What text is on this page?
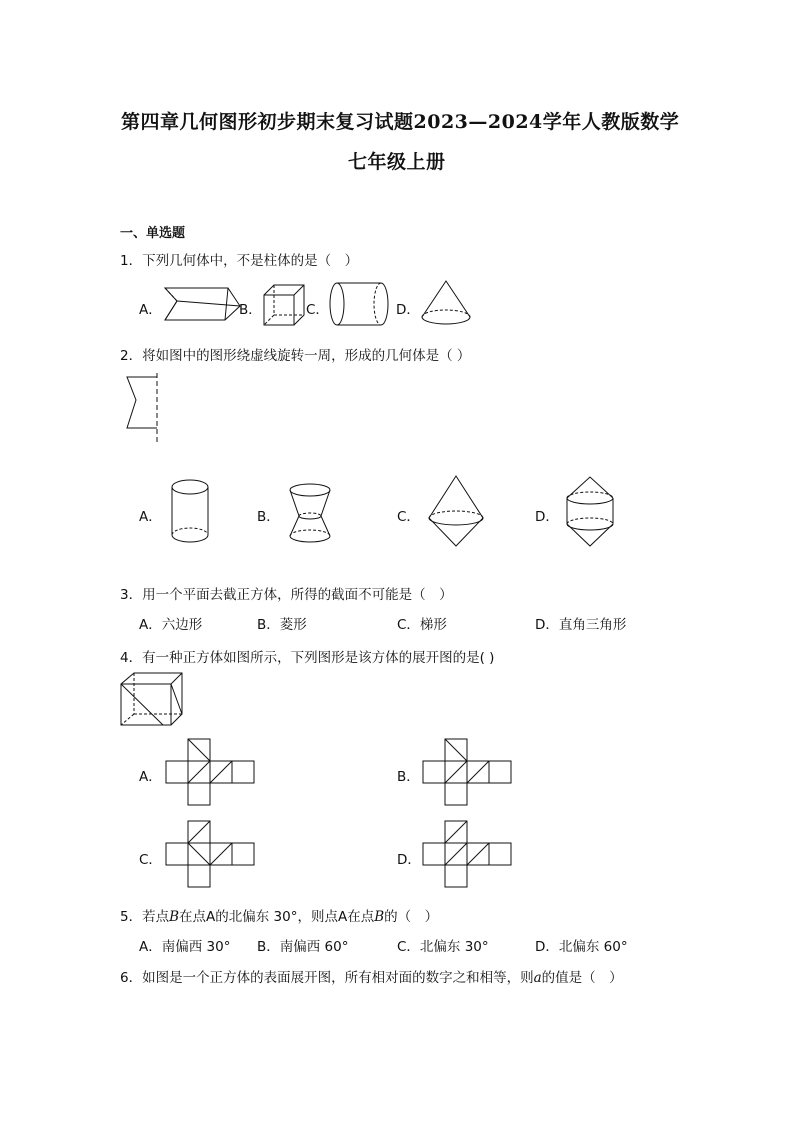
第四章几何图形初步期末复习试题2023—2024学年人教版数学
七年级上册
一、单选题
1．下列几何体中，不是柱体的是（　）
A．	B．	C．	D．
2．将如图中的图形绕虚线旋转一周，形成的几何体是（ ）
A．	B．	C．	D．
3．用一个平面去截正方体，所得的截面不可能是（　）
A．六边形	B．菱形	C．梯形	D．直角三角形
4．有一种正方体如图所示，下列图形是该方体的展开图的是( )
A．	B．
C．	D．
5．若点B在点A的北偏东 30°，则点A在点B的（　）
A．南偏西 30° B．南偏西 60°	C．北偏东 30°	D．北偏东 60°
6．如图是一个正方体的表面展开图，所有相对面的数字之和相等，则a的值是（　）
